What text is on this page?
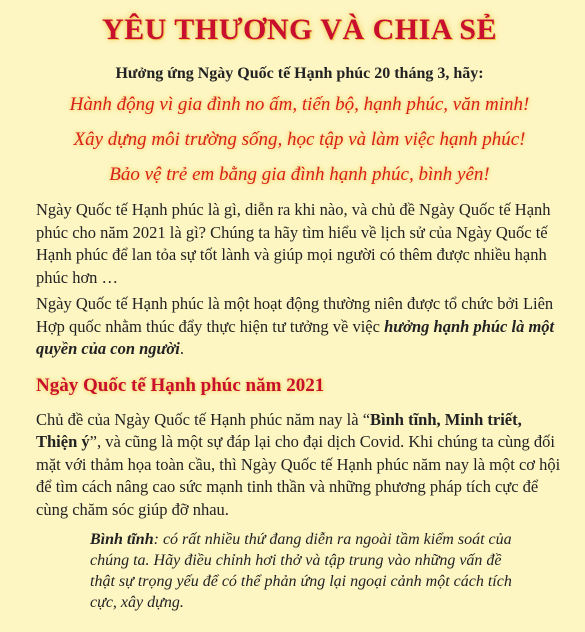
YÊU THƯƠNG VÀ CHIA SẺ

Hưởng ứng Ngày Quốc tế Hạnh phúc 20 tháng 3, hãy:

Hành động vì gia đình no ấm, tiến bộ, hạnh phúc, văn minh!

Xây dựng môi trường sống, học tập và làm việc hạnh phúc!

Bảo vệ trẻ em bằng gia đình hạnh phúc, bình yên!

Ngày Quốc tế Hạnh phúc là gì, diễn ra khi nào, và chủ đề Ngày Quốc tế Hạnh phúc cho năm 2021 là gì? Chúng ta hãy tìm hiểu về lịch sử của Ngày Quốc tế Hạnh phúc để lan tỏa sự tốt lành và giúp mọi người có thêm được nhiều hạnh phúc hơn …

Ngày Quốc tế Hạnh phúc là một hoạt động thường niên được tổ chức bởi Liên Hợp quốc nhằm thúc đẩy thực hiện tư tưởng về việc hưởng hạnh phúc là một quyền của con người.

Ngày Quốc tế Hạnh phúc năm 2021

Chủ đề của Ngày Quốc tế Hạnh phúc năm nay là “Bình tĩnh, Minh triết, Thiện ý”, và cũng là một sự đáp lại cho đại dịch Covid. Khi chúng ta cùng đối mặt với thảm họa toàn cầu, thì Ngày Quốc tế Hạnh phúc năm nay là một cơ hội để tìm cách nâng cao sức mạnh tinh thần và những phương pháp tích cực để cùng chăm sóc giúp đỡ nhau.

Bình tĩnh: có rất nhiều thứ đang diễn ra ngoài tầm kiểm soát của chúng ta. Hãy điều chỉnh hơi thở và tập trung vào những vấn đề thật sự trọng yếu để có thể phản ứng lại ngoại cảnh một cách tích cực, xây dựng.
